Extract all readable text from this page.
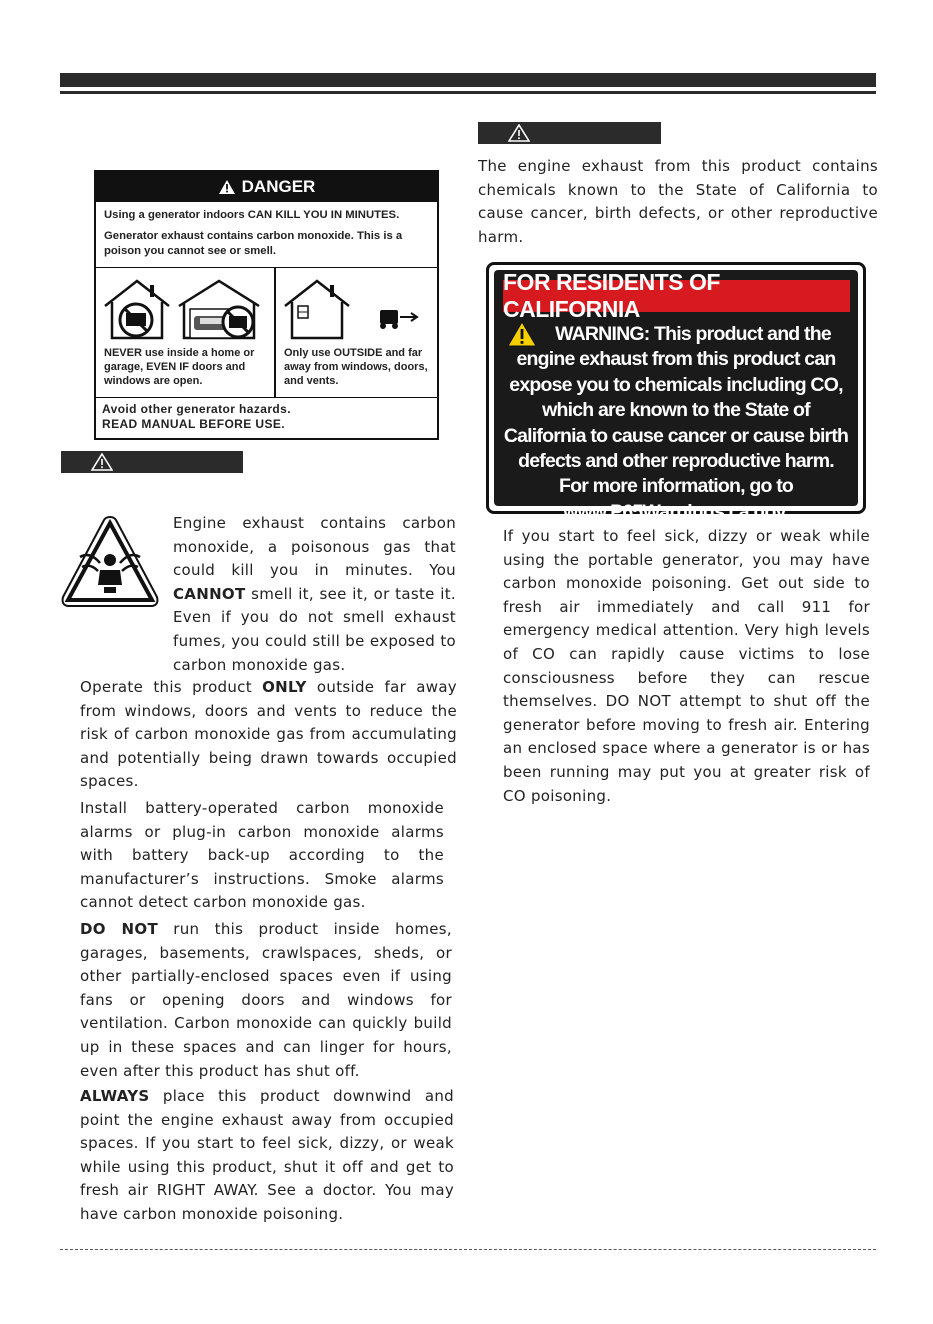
DANGER

Using a generator indoors CAN KILL YOU IN MINUTES.

Generator exhaust contains carbon monoxide. This is a poison you cannot see or smell.

NEVER use inside a home or garage, EVEN IF doors and windows are open.
Only use OUTSIDE and far away from windows, doors, and vents.
Avoid other generator hazards.
READ MANUAL BEFORE USE.
Engine exhaust contains carbon monoxide, a poisonous gas that could kill you in minutes. You CANNOT smell it, see it, or taste it. Even if you do not smell exhaust fumes, you could still be exposed to carbon monoxide gas.
Operate this product ONLY outside far away from windows, doors and vents to reduce the risk of carbon monoxide gas from accumulating and potentially being drawn towards occupied spaces.
Install battery-operated carbon monoxide alarms or plug-in carbon monoxide alarms with battery back-up according to the manufacturer’s instructions. Smoke alarms cannot detect carbon monoxide gas.
DO NOT run this product inside homes, garages, basements, crawlspaces, sheds, or other partially-enclosed spaces even if using fans or opening doors and windows for ventilation. Carbon monoxide can quickly build up in these spaces and can linger for hours, even after this product has shut off.
ALWAYS place this product downwind and point the engine exhaust away from occupied spaces. If you start to feel sick, dizzy, or weak while using this product, shut it off and get to fresh air RIGHT AWAY. See a doctor. You may have carbon monoxide poisoning.
The engine exhaust from this product contains chemicals known to the State of California to cause cancer, birth defects, or other reproductive harm.
FOR RESIDENTS OF CALIFORNIA
WARNING: This product and the engine exhaust from this product can expose you to chemicals including CO, which are known to the State of California to cause cancer or cause birth defects and other reproductive harm. For more information, go to www.P65Warnings.ca.gov.
If you start to feel sick, dizzy or weak while using the portable generator, you may have carbon monoxide poisoning. Get out side to fresh air immediately and call 911 for emergency medical attention. Very high levels of CO can rapidly cause victims to lose consciousness before they can rescue themselves. DO NOT attempt to shut off the generator before moving to fresh air. Entering an enclosed space where a generator is or has been running may put you at greater risk of CO poisoning.
